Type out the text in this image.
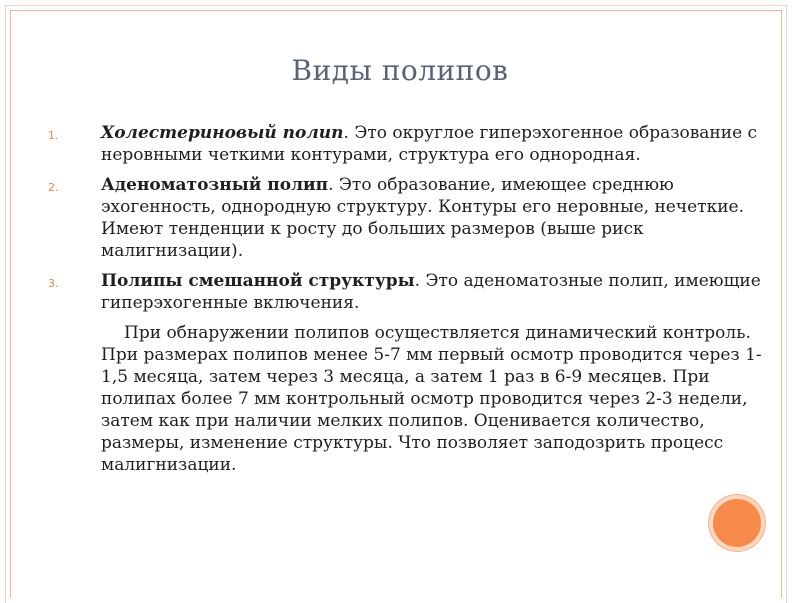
Виды полипов
1.	Холестериновый полип. Это округлое гиперэхогенное образование с неровными четкими контурами, структура его однородная.
2.	Аденоматозный полип. Это образование, имеющее среднюю эхогенность, однородную структуру. Контуры его неровные, нечеткие. Имеют тенденции к росту до больших размеров (выше риск малигнизации).
3.	Полипы смешанной структуры. Это аденоматозные полип, имеющие гиперэхогенные включения.
При обнаружении полипов осуществляется динамический контроль. При размерах полипов менее 5-7 мм первый осмотр проводится через 1-1,5 месяца, затем через 3 месяца, а затем 1 раз в 6-9 месяцев. При полипах более 7 мм контрольный осмотр проводится через 2-3 недели, затем как при наличии мелких полипов. Оценивается количество, размеры, изменение структуры. Что позволяет заподозрить процесс малигнизации.
